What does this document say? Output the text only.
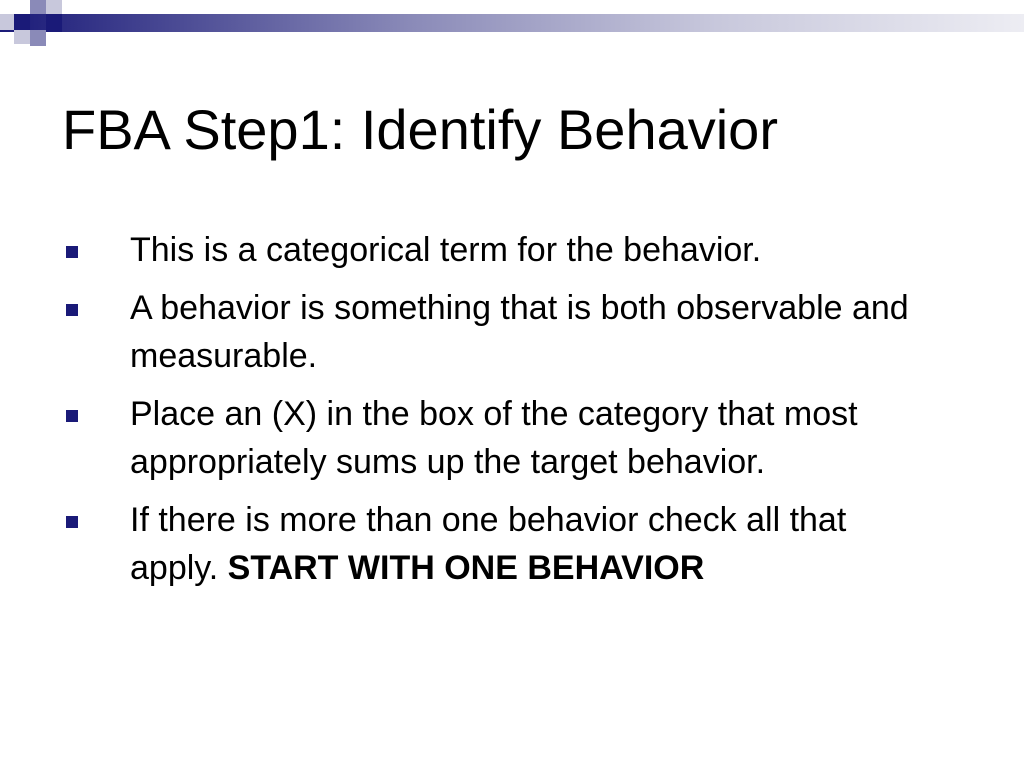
FBA Step1: Identify Behavior
This is a categorical term for the behavior.
A behavior is something that is both observable and measurable.
Place an (X) in the box of the category that most appropriately sums up the target behavior.
If there is more than one behavior check all that apply. START WITH ONE BEHAVIOR
